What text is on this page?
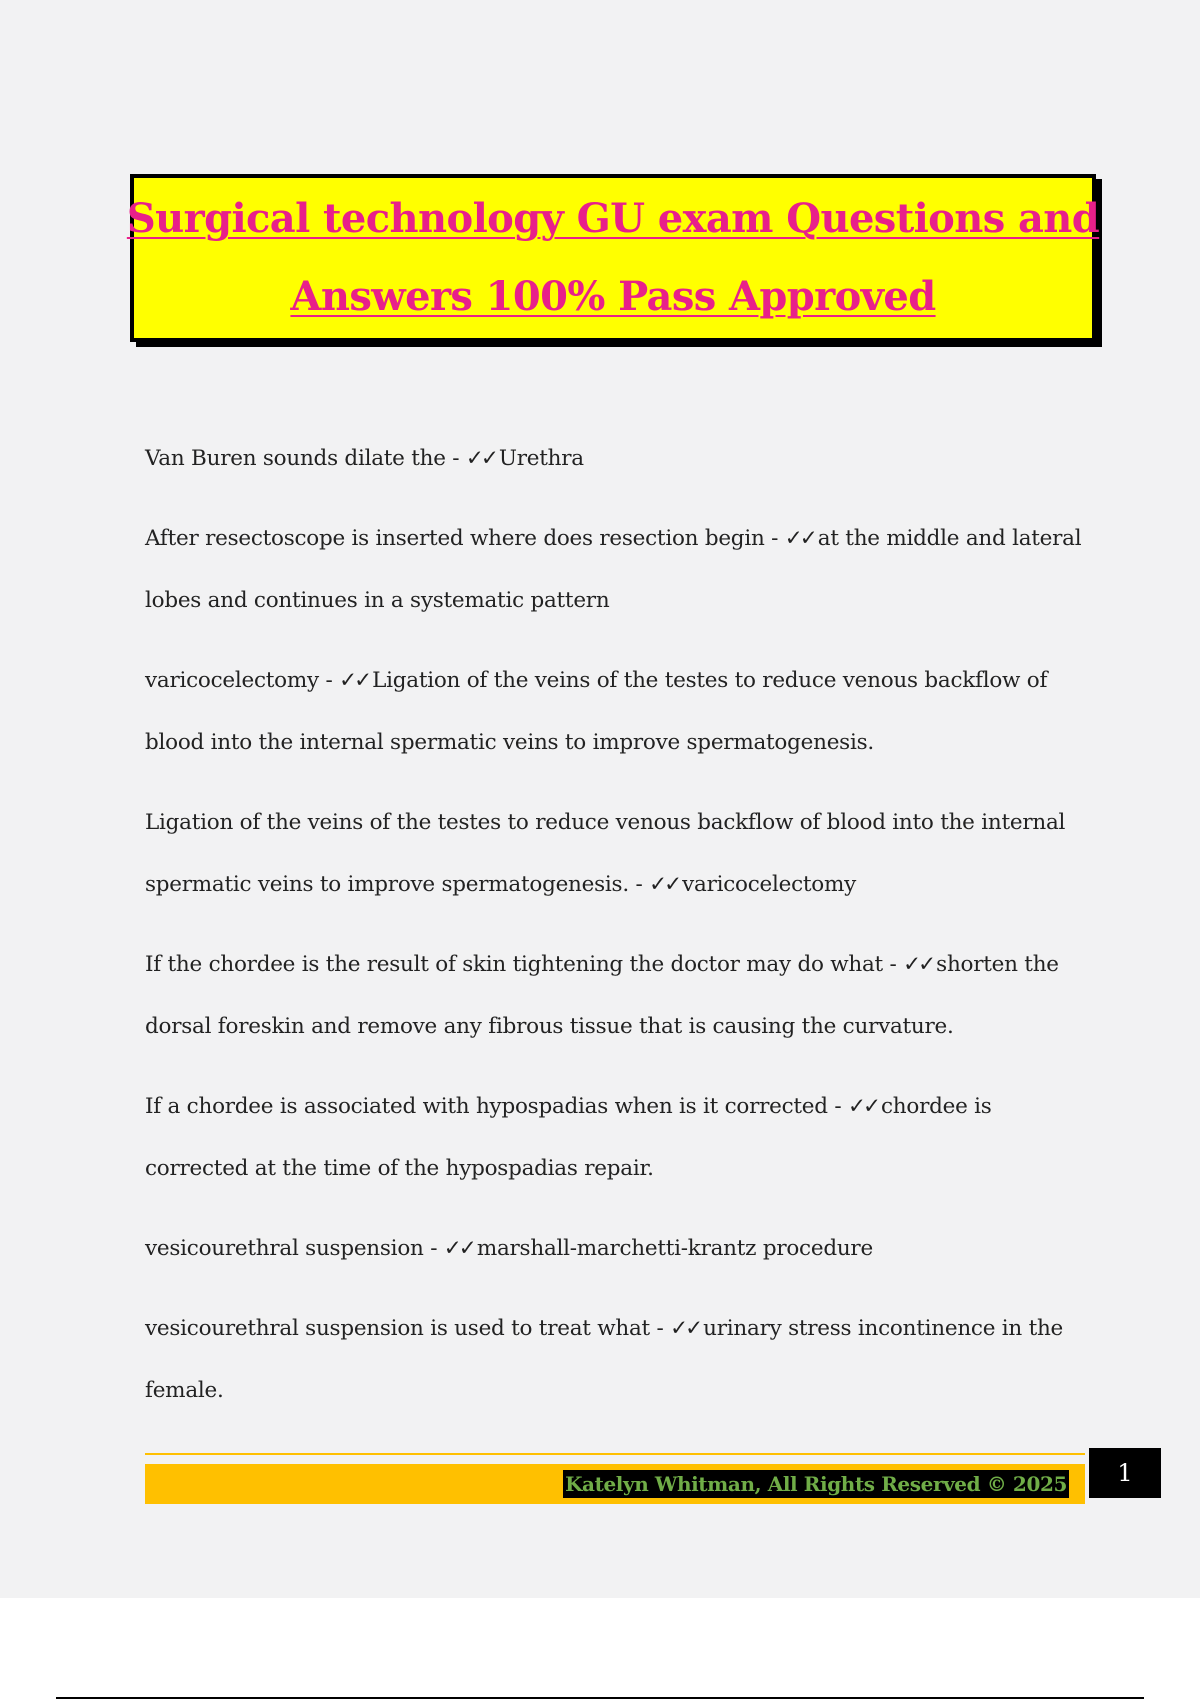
Surgical technology GU exam Questions and
Answers 100% Pass Approved

Van Buren sounds dilate the - ✓✓ Urethra

After resectoscope is inserted where does resection begin - ✓✓ at the middle and lateral lobes and continues in a systematic pattern

varicocelectomy - ✓✓ Ligation of the veins of the testes to reduce venous backflow of blood into the internal spermatic veins to improve spermatogenesis.

Ligation of the veins of the testes to reduce venous backflow of blood into the internal spermatic veins to improve spermatogenesis. - ✓✓ varicocelectomy

If the chordee is the result of skin tightening the doctor may do what - ✓✓ shorten the dorsal foreskin and remove any fibrous tissue that is causing the curvature.

If a chordee is associated with hypospadias when is it corrected - ✓✓ chordee is corrected at the time of the hypospadias repair.

vesicourethral suspension - ✓✓ marshall-marchetti-krantz procedure

vesicourethral suspension is used to treat what - ✓✓ urinary stress incontinence in the female.

Katelyn Whitman, All Rights Reserved © 2025	1
